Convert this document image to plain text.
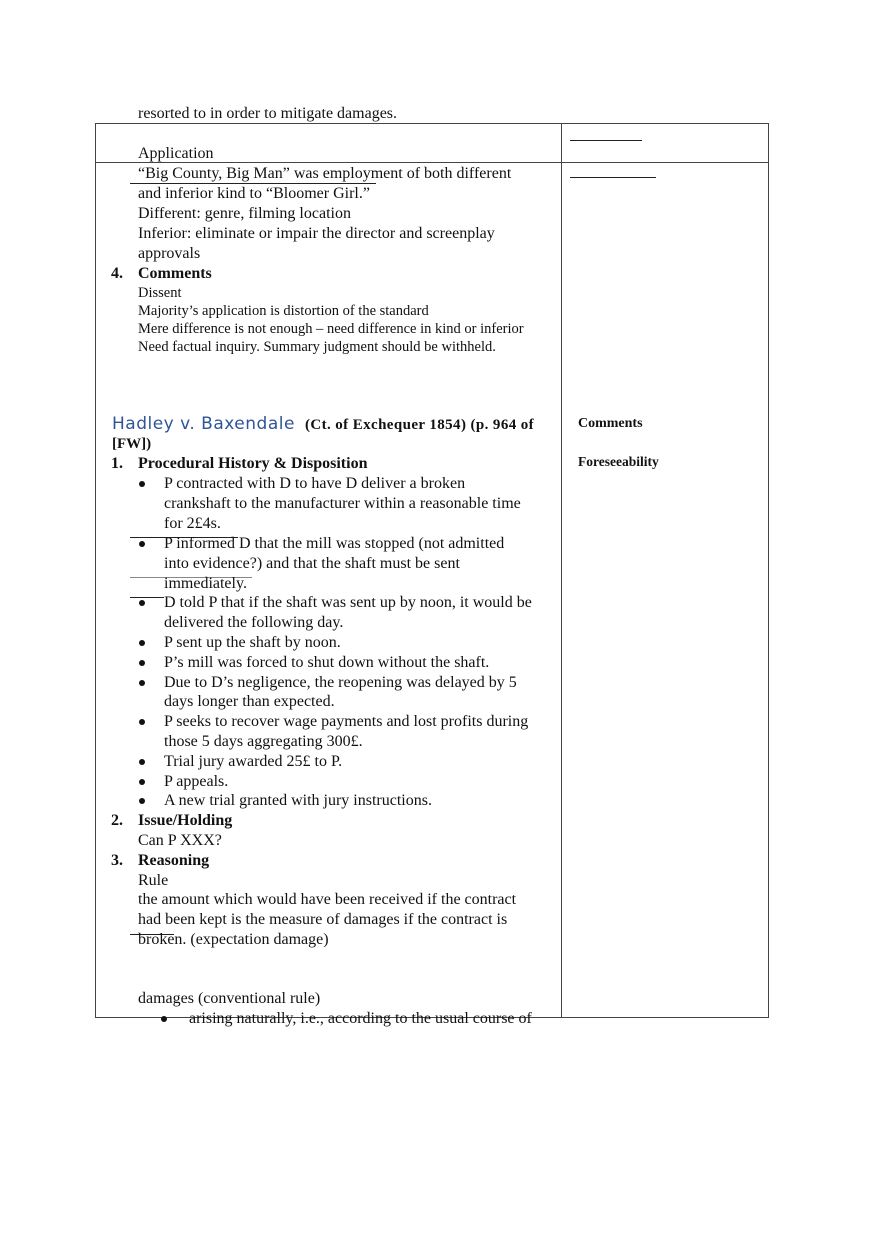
resorted to in order to mitigate damages.
Application
“Big County, Big Man” was employment of both different
and inferior kind to “Bloomer Girl.”
Different: genre, filming location
Inferior: eliminate or impair the director and screenplay
approvals
4. Comments
Dissent
Majority’s application is distortion of the standard
Mere difference is not enough – need difference in kind or inferior
Need factual inquiry. Summary judgment should be withheld.
Hadley v. Baxendale (Ct. of Exchequer 1854) (p. 964 of
[FW])
Comments
Foreseeability
1. Procedural History & Disposition
P contracted with D to have D deliver a broken
crankshaft to the manufacturer within a reasonable time
for 2£4s.
P informed D that the mill was stopped (not admitted
into evidence?) and that the shaft must be sent
immediately.
D told P that if the shaft was sent up by noon, it would be
delivered the following day.
P sent up the shaft by noon.
P’s mill was forced to shut down without the shaft.
Due to D’s negligence, the reopening was delayed by 5
days longer than expected.
P seeks to recover wage payments and lost profits during
those 5 days aggregating 300£.
Trial jury awarded 25£ to P.
P appeals.
A new trial granted with jury instructions.
2. Issue/Holding
Can P XXX?
3. Reasoning
Rule
the amount which would have been received if the contract
had been kept is the measure of damages if the contract is
broken. (expectation damage)
damages (conventional rule)
arising naturally, i.e., according to the usual course of
